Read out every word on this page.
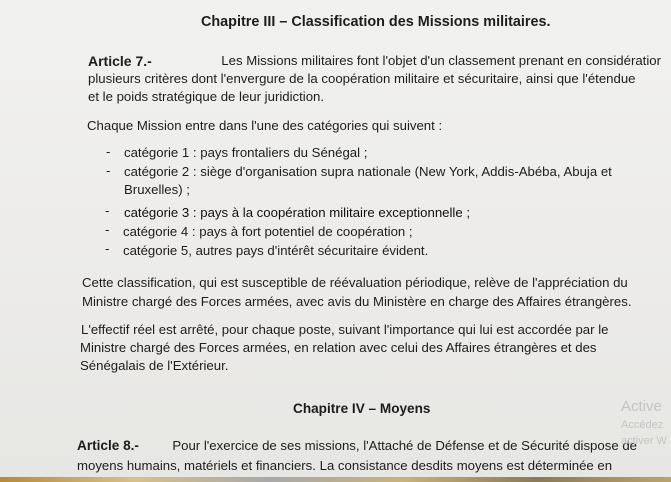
Chapitre III – Classification des Missions militaires.
Article 7.-	Les Missions militaires font l'objet d'un classement prenant en considératior
plusieurs critères dont l'envergure de la coopération militaire et sécuritaire, ainsi que l'étendue
et le poids stratégique de leur juridiction.
Chaque Mission entre dans l'une des catégories qui suivent :
- catégorie 1 : pays frontaliers du Sénégal ;
- catégorie 2 : siège d'organisation supra nationale (New York, Addis-Abéba, Abuja et
Bruxelles) ;
- catégorie 3 : pays à la coopération militaire exceptionnelle ;
- catégorie 4 : pays à fort potentiel de coopération ;
- catégorie 5, autres pays d'intérêt sécuritaire évident.
Cette classification, qui est susceptible de réévaluation périodique, relève de l'appréciation du
Ministre chargé des Forces armées, avec avis du Ministère en charge des Affaires étrangères.
L'effectif réel est arrêté, pour chaque poste, suivant l'importance qui lui est accordée par le
Ministre chargé des Forces armées, en relation avec celui des Affaires étrangères et des
Sénégalais de l'Extérieur.
Chapitre IV – Moyens
Article 8.-	Pour l'exercice de ses missions, l'Attaché de Défense et de Sécurité dispose de
moyens humains, matériels et financiers. La consistance desdits moyens est déterminée en
Active
Accédez
activer W
